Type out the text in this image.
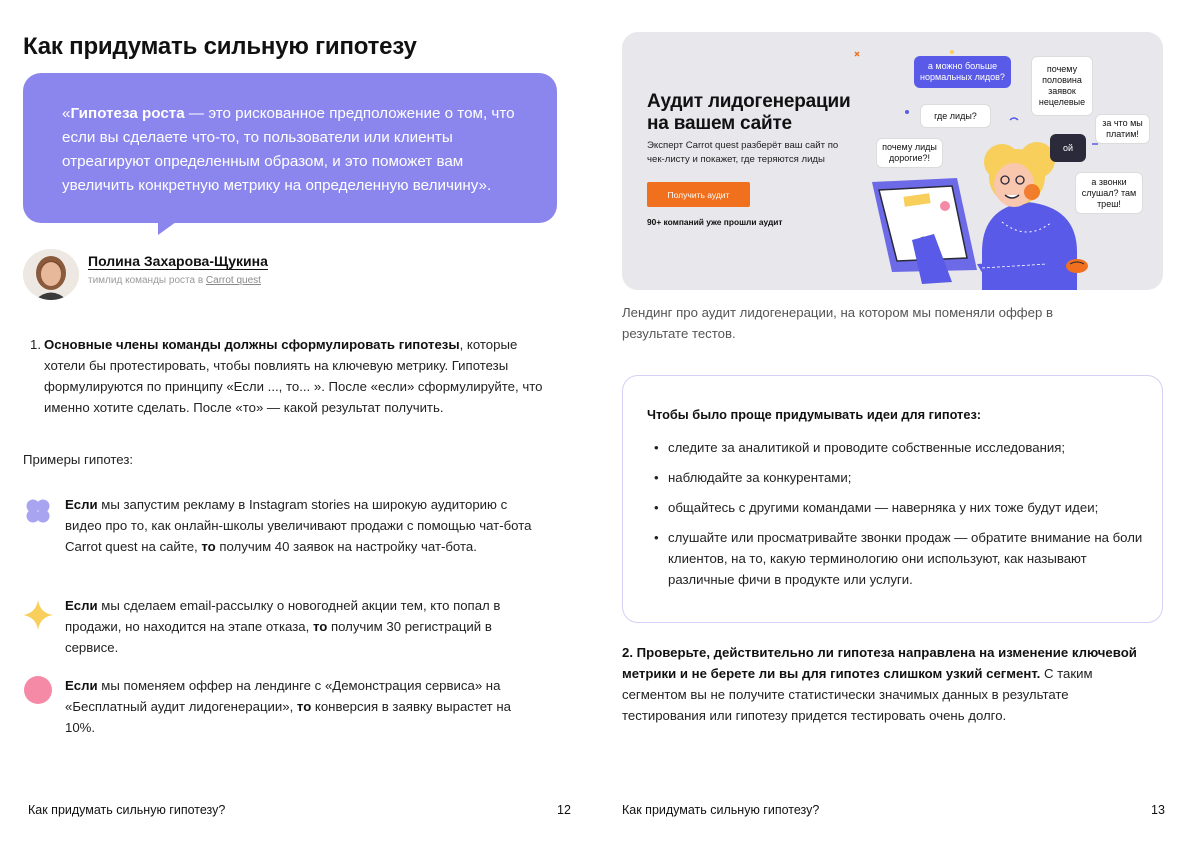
Как придумать сильную гипотезу

«Гипотеза роста — это рискованное предположение о том, что если вы сделаете что-то, то пользователи или клиенты отреагируют определенным образом, и это поможет вам увеличить конкретную метрику на определенную величину».

Полина Захарова-Щукина
тимлид команды роста в Carrot quest
1. Основные члены команды должны сформулировать гипотезы, которые хотели бы протестировать, чтобы повлиять на ключевую метрику. Гипотезы формулируются по принципу «Если ..., то... ». После «если» сформулируйте, что именно хотите сделать. После «то» — какой результат получить.
Примеры гипотез:

Если мы запустим рекламу в Instagram stories на широкую аудиторию с видео про то, как онлайн-школы увеличивают продажи с помощью чат-бота Carrot quest на сайте, то получим 40 заявок на настройку чат-бота.

Если мы сделаем email-рассылку о новогодней акции тем, кто попал в продажи, но находится на этапе отказа, то получим 30 регистраций в сервисе.

Если мы поменяем оффер на лендинге с «Демонстрация сервиса» на «Бесплатный аудит лидогенерации», то конверсия в заявку вырастет на 10%.

Как придумать сильную гипотезу?	12
Аудит лидогенерации
на вашем сайте
Эксперт Carrot quest разберёт ваш сайт по чек-листу и покажет, где теряются лиды
Получить аудит
90+ компаний уже прошли аудит
а можно больше нормальных лидов?
почему половина заявок нецелевые
где лиды?
за что мы платим!
почему лиды дорогие?!
ой
а звонки слушал? там треш!

Лендинг про аудит лидогенерации, на котором мы поменяли оффер в результате тестов.

Чтобы было проще придумывать идеи для гипотез:
• следите за аналитикой и проводите собственные исследования;
• наблюдайте за конкурентами;
• общайтесь с другими командами — наверняка у них тоже будут идеи;
• слушайте или просматривайте звонки продаж — обратите внимание на боли клиентов, на то, какую терминологию они используют, как называют различные фичи в продукте или услуги.

2. Проверьте, действительно ли гипотеза направлена на изменение ключевой метрики и не берете ли вы для гипотез слишком узкий сегмент. С таким сегментом вы не получите статистически значимых данных в результате тестирования или гипотезу придется тестировать очень долго.

Как придумать сильную гипотезу?	13
